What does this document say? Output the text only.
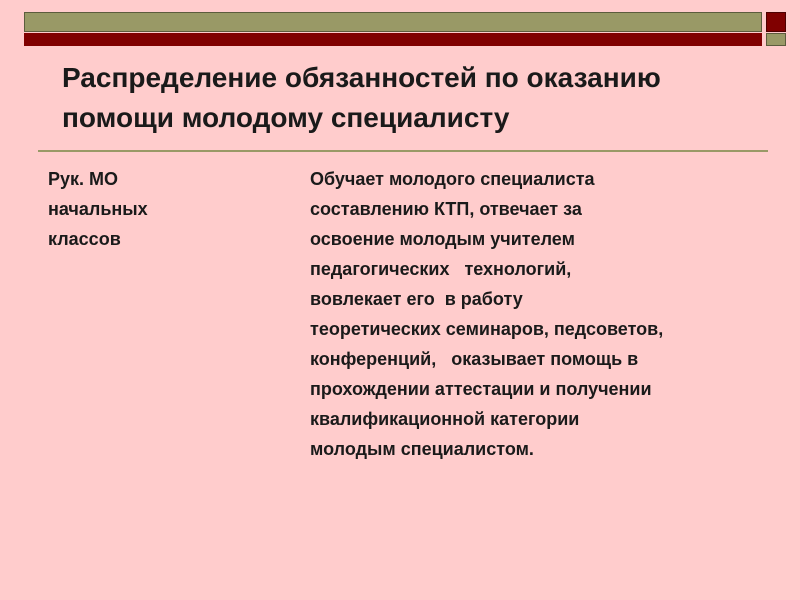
Распределение обязанностей по оказанию
помощи молодому специалисту
Рук. МО
начальных
классов
Обучает молодого специалиста
составлению КТП, отвечает за
освоение молодым учителем
педагогических   технологий,
вовлекает его  в работу
теоретических семинаров, педсоветов,
конференций,   оказывает помощь в
прохождении аттестации и получении
квалификационной категории
молодым специалистом.
